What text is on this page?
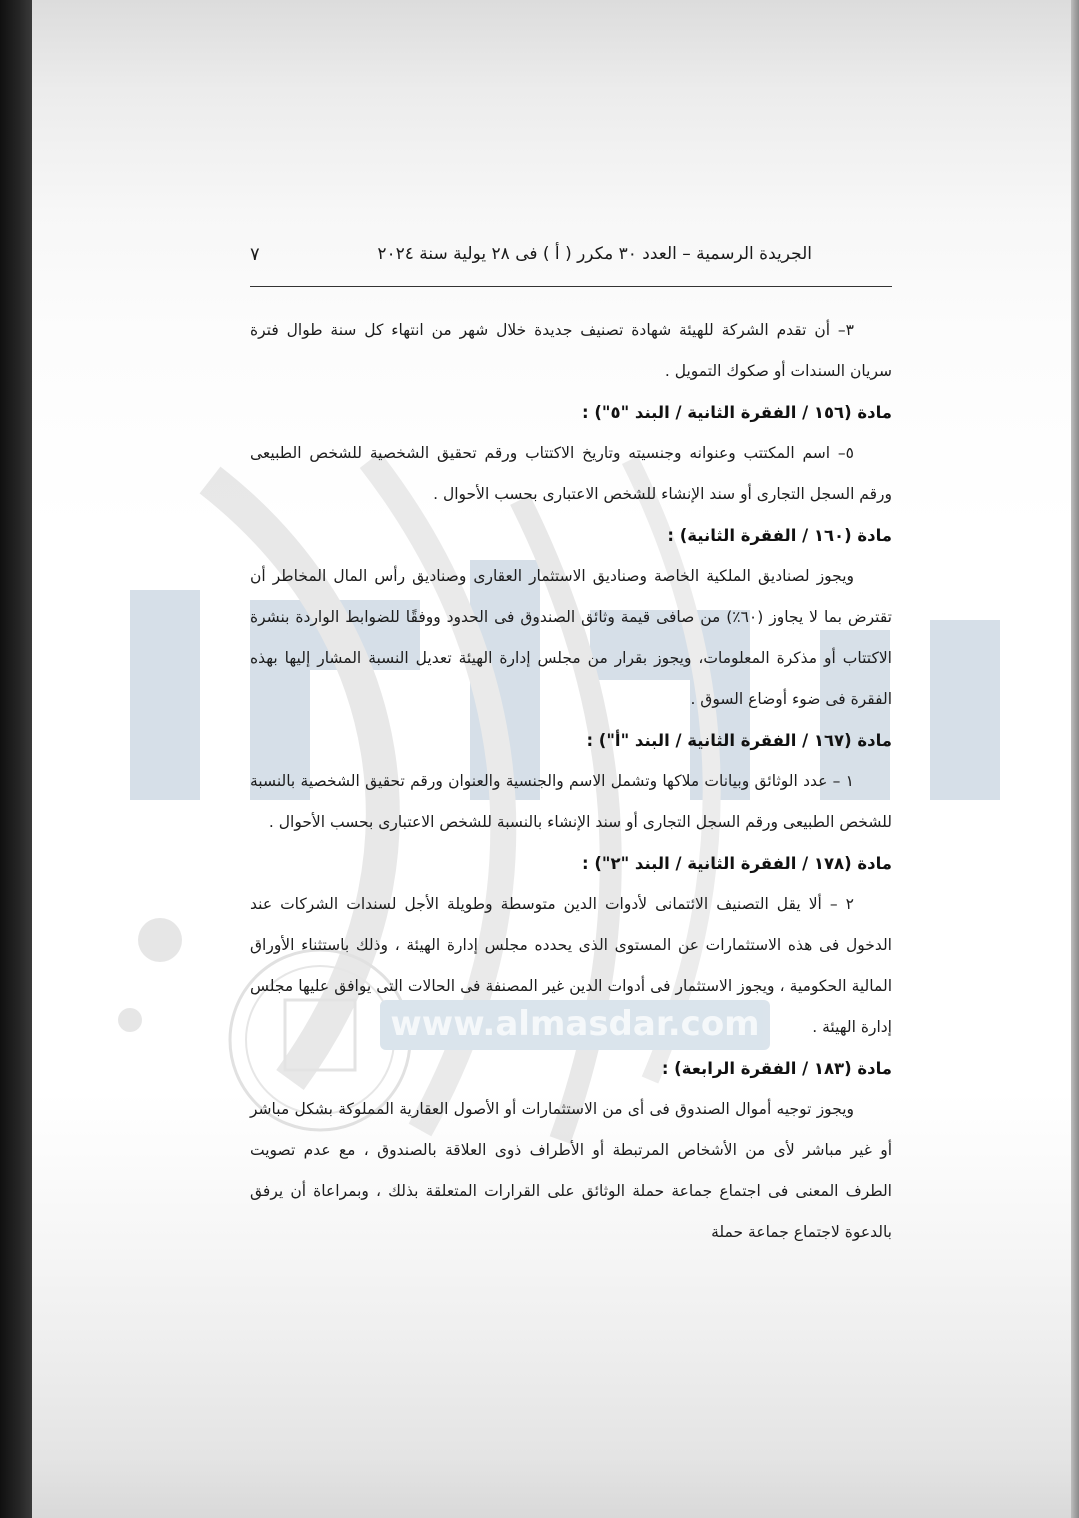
www.almasdar.com
الجريدة الرسمية – العدد ٣٠ مكرر ( أ ) فى ٢٨ يولية سنة ٢٠٢٤
٧

٣– أن تقدم الشركة للهيئة شهادة تصنيف جديدة خلال شهر من انتهاء كل سنة طوال فترة سريان السندات أو صكوك التمويل .

مادة (١٥٦ / الفقرة الثانية / البند "٥") :

٥– اسم المكتتب وعنوانه وجنسيته وتاريخ الاكتتاب ورقم تحقيق الشخصية للشخص الطبيعى ورقم السجل التجارى أو سند الإنشاء للشخص الاعتبارى بحسب الأحوال .

مادة (١٦٠ / الفقرة الثانية) :

ويجوز لصناديق الملكية الخاصة وصناديق الاستثمار العقارى وصناديق رأس المال المخاطر أن تقترض بما لا يجاوز (٦٠٪) من صافى قيمة وثائق الصندوق فى الحدود ووفقًا للضوابط الواردة بنشرة الاكتتاب أو مذكرة المعلومات، ويجوز بقرار من مجلس إدارة الهيئة تعديل النسبة المشار إليها بهذه الفقرة فى ضوء أوضاع السوق .

مادة (١٦٧ / الفقرة الثانية / البند "أ") :

١ – عدد الوثائق وبيانات ملاكها وتشمل الاسم والجنسية والعنوان ورقم تحقيق الشخصية بالنسبة للشخص الطبيعى ورقم السجل التجارى أو سند الإنشاء بالنسبة للشخص الاعتبارى بحسب الأحوال .

مادة (١٧٨ / الفقرة الثانية / البند "٢") :

٢ – ألا يقل التصنيف الائتمانى لأدوات الدين متوسطة وطويلة الأجل لسندات الشركات عند الدخول فى هذه الاستثمارات عن المستوى الذى يحدده مجلس إدارة الهيئة ، وذلك باستثناء الأوراق المالية الحكومية ، ويجوز الاستثمار فى أدوات الدين غير المصنفة فى الحالات التى يوافق عليها مجلس إدارة الهيئة .

مادة (١٨٣ / الفقرة الرابعة) :

ويجوز توجيه أموال الصندوق فى أى من الاستثمارات أو الأصول العقارية المملوكة بشكل مباشر أو غير مباشر لأى من الأشخاص المرتبطة أو الأطراف ذوى العلاقة بالصندوق ، مع عدم تصويت الطرف المعنى فى اجتماع جماعة حملة الوثائق على القرارات المتعلقة بذلك ، وبمراعاة أن يرفق بالدعوة لاجتماع جماعة حملة
